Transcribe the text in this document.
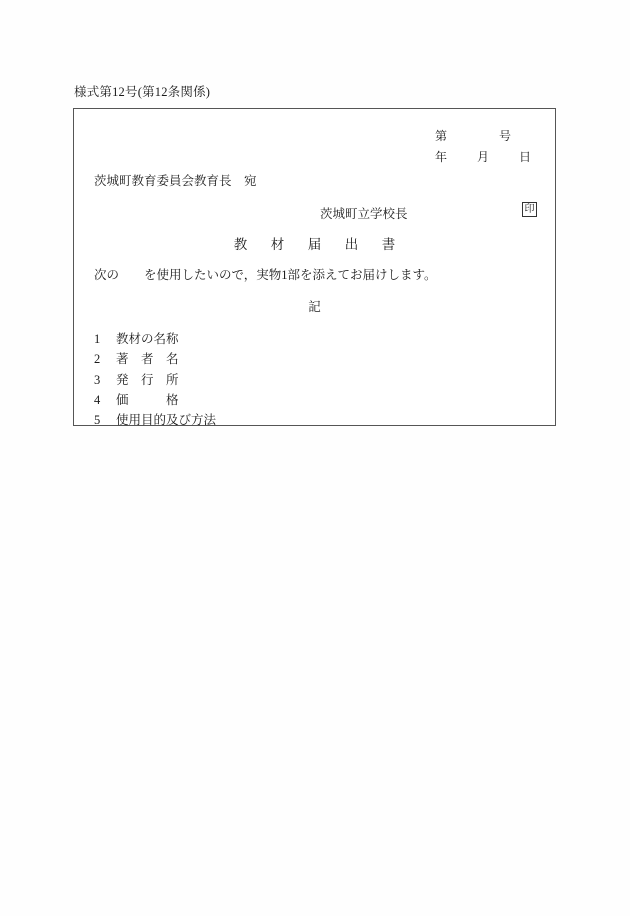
様式第12号(第12条関係)
第	号
年	月	日
茨城町教育委員会教育長　宛
茨城町立学校長	印
教　材　届　出　書
次の　　を使用したいので，実物1部を添えてお届けします。
記
1 教材の名称
2 著　者　名
3 発　行　所
4 価　　　格
5 使用目的及び方法
